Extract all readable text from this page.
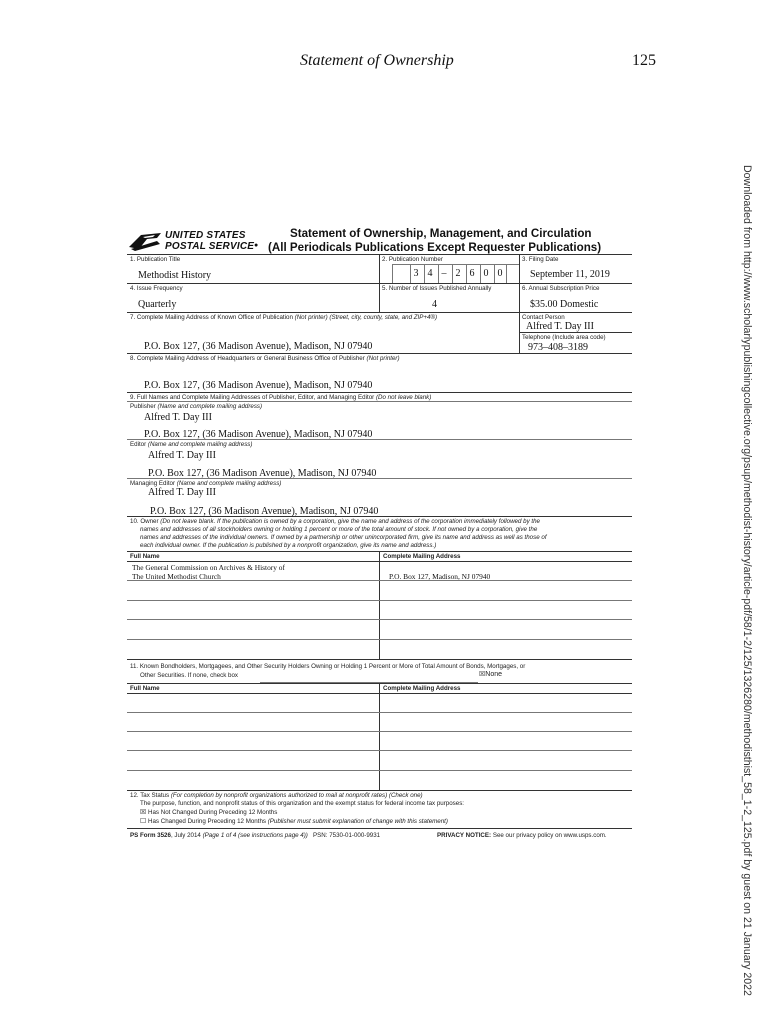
Statement of Ownership	125
Downloaded from http://www.scholarlypublishingcollective.org/psup/methodist-history/article-pdf/58/1-2/125/1326280/methodisthist_58_1-2_125.pdf by guest on 21 January 2022
UNITED STATES
POSTAL SERVICE ●
Statement of Ownership, Management, and Circulation
(All Periodicals Publications Except Requester Publications)
1. Publication Title
Methodist History
2. Publication Number
3 4 – 2 6 0 0
3. Filing Date
September 11, 2019
4. Issue Frequency
Quarterly
5. Number of Issues Published Annually
4
6. Annual Subscription Price
$35.00 Domestic
7. Complete Mailing Address of Known Office of Publication (Not printer) (Street, city, county, state, and ZIP+4®)
P.O. Box 127, (36 Madison Avenue), Madison, NJ 07940
Contact Person
Alfred T. Day III
Telephone (Include area code)
973–408–3189
8. Complete Mailing Address of Headquarters or General Business Office of Publisher (Not printer)
P.O. Box 127, (36 Madison Avenue), Madison, NJ 07940
9. Full Names and Complete Mailing Addresses of Publisher, Editor, and Managing Editor (Do not leave blank)
Publisher (Name and complete mailing address)
Alfred T. Day III
P.O. Box 127, (36 Madison Avenue), Madison, NJ 07940
Editor (Name and complete mailing address)
Alfred T. Day III
P.O. Box 127, (36 Madison Avenue), Madison, NJ 07940
Managing Editor (Name and complete mailing address)
Alfred T. Day III
P.O. Box 127, (36 Madison Avenue), Madison, NJ 07940
10. Owner (Do not leave blank. If the publication is owned by a corporation, give the name and address of the corporation immediately followed by the
names and addresses of all stockholders owning or holding 1 percent or more of the total amount of stock. If not owned by a corporation, give the
names and addresses of the individual owners. If owned by a partnership or other unincorporated firm, give its name and address as well as those of
each individual owner. If the publication is published by a nonprofit organization, give its name and address.)
Full Name	Complete Mailing Address
The General Commission on Archives & History of
The United Methodist Church	P.O. Box 127, Madison, NJ 07940
11. Known Bondholders, Mortgagees, and Other Security Holders Owning or Holding 1 Percent or More of Total Amount of Bonds, Mortgages, or
Other Securities. If none, check box	☒None
Full Name	Complete Mailing Address
12. Tax Status (For completion by nonprofit organizations authorized to mail at nonprofit rates) (Check one)
The purpose, function, and nonprofit status of this organization and the exempt status for federal income tax purposes:
☒ Has Not Changed During Preceding 12 Months
☐ Has Changed During Preceding 12 Months (Publisher must submit explanation of change with this statement)
PS Form 3526, July 2014 (Page 1 of 4 (see instructions page 4)) PSN: 7530-01-000-9931	PRIVACY NOTICE: See our privacy policy on www.usps.com.
